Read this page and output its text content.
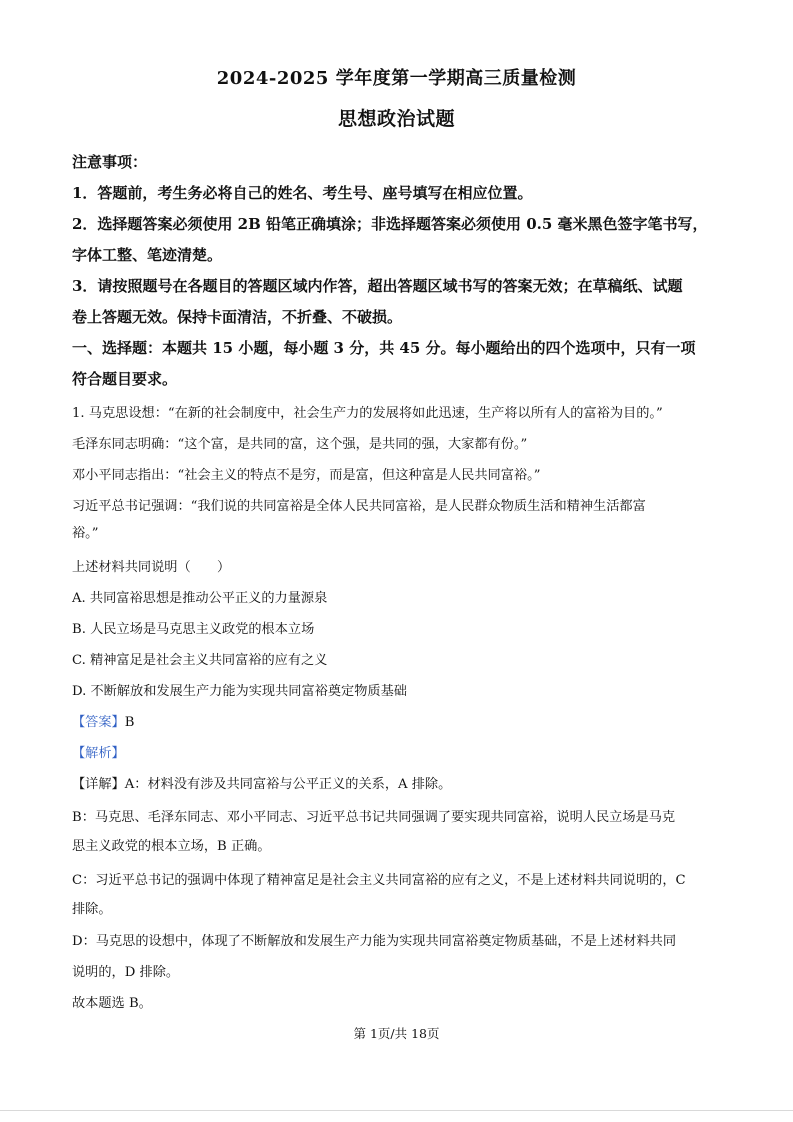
2024-2025 学年度第一学期高三质量检测
思想政治试题
注意事项：
1．答题前，考生务必将自己的姓名、考生号、座号填写在相应位置。
2．选择题答案必须使用 2B 铅笔正确填涂；非选择题答案必须使用 0.5 毫米黑色签字笔书写，
字体工整、笔迹清楚。
3．请按照题号在各题目的答题区域内作答，超出答题区域书写的答案无效；在草稿纸、试题
卷上答题无效。保持卡面清洁，不折叠、不破损。
一、选择题：本题共 15 小题，每小题 3 分，共 45 分。每小题给出的四个选项中，只有一项
符合题目要求。
1. 马克思设想：“在新的社会制度中，社会生产力的发展将如此迅速，生产将以所有人的富裕为目的。”
毛泽东同志明确：“这个富，是共同的富，这个强，是共同的强，大家都有份。”
邓小平同志指出：“社会主义的特点不是穷，而是富，但这种富是人民共同富裕。”
习近平总书记强调：“我们说的共同富裕是全体人民共同富裕，是人民群众物质生活和精神生活都富
裕。”
上述材料共同说明（　　）
A. 共同富裕思想是推动公平正义的力量源泉
B. 人民立场是马克思主义政党的根本立场
C. 精神富足是社会主义共同富裕的应有之义
D. 不断解放和发展生产力能为实现共同富裕奠定物质基础
【答案】B
【解析】
【详解】A：材料没有涉及共同富裕与公平正义的关系，A 排除。
B：马克思、毛泽东同志、邓小平同志、习近平总书记共同强调了要实现共同富裕，说明人民立场是马克
思主义政党的根本立场，B 正确。
C：习近平总书记的强调中体现了精神富足是社会主义共同富裕的应有之义，不是上述材料共同说明的，C
排除。
D：马克思的设想中，体现了不断解放和发展生产力能为实现共同富裕奠定物质基础，不是上述材料共同
说明的，D 排除。
故本题选 B。
第 1页/共 18页
